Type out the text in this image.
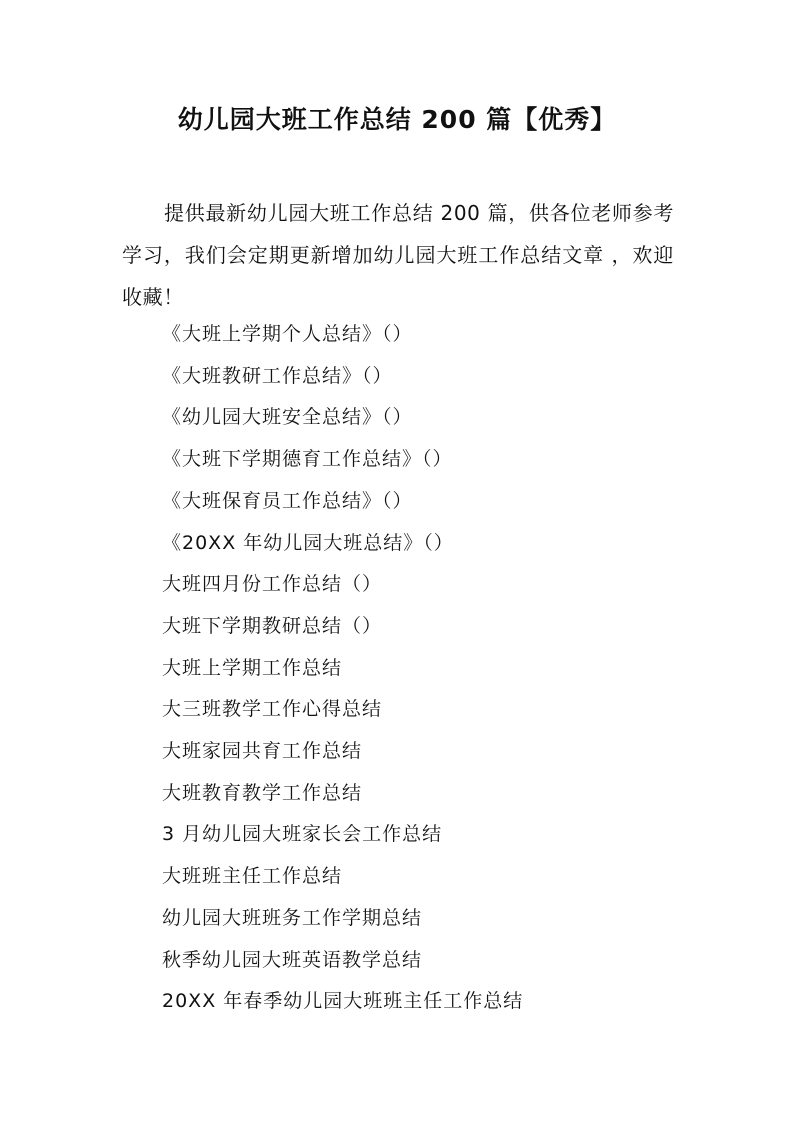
幼儿园大班工作总结 200 篇【优秀】

提供最新幼儿园大班工作总结 200 篇，供各位老师参考学习，我们会定期更新增加幼儿园大班工作总结文章 ，欢迎收藏！

《大班上学期个人总结》（）
《大班教研工作总结》（）
《幼儿园大班安全总结》（）
《大班下学期德育工作总结》（）
《大班保育员工作总结》（）
《20XX 年幼儿园大班总结》（）
大班四月份工作总结（）
大班下学期教研总结（）
大班上学期工作总结
大三班教学工作心得总结
大班家园共育工作总结
大班教育教学工作总结
3 月幼儿园大班家长会工作总结
大班班主任工作总结
幼儿园大班班务工作学期总结
秋季幼儿园大班英语教学总结
20XX 年春季幼儿园大班班主任工作总结
